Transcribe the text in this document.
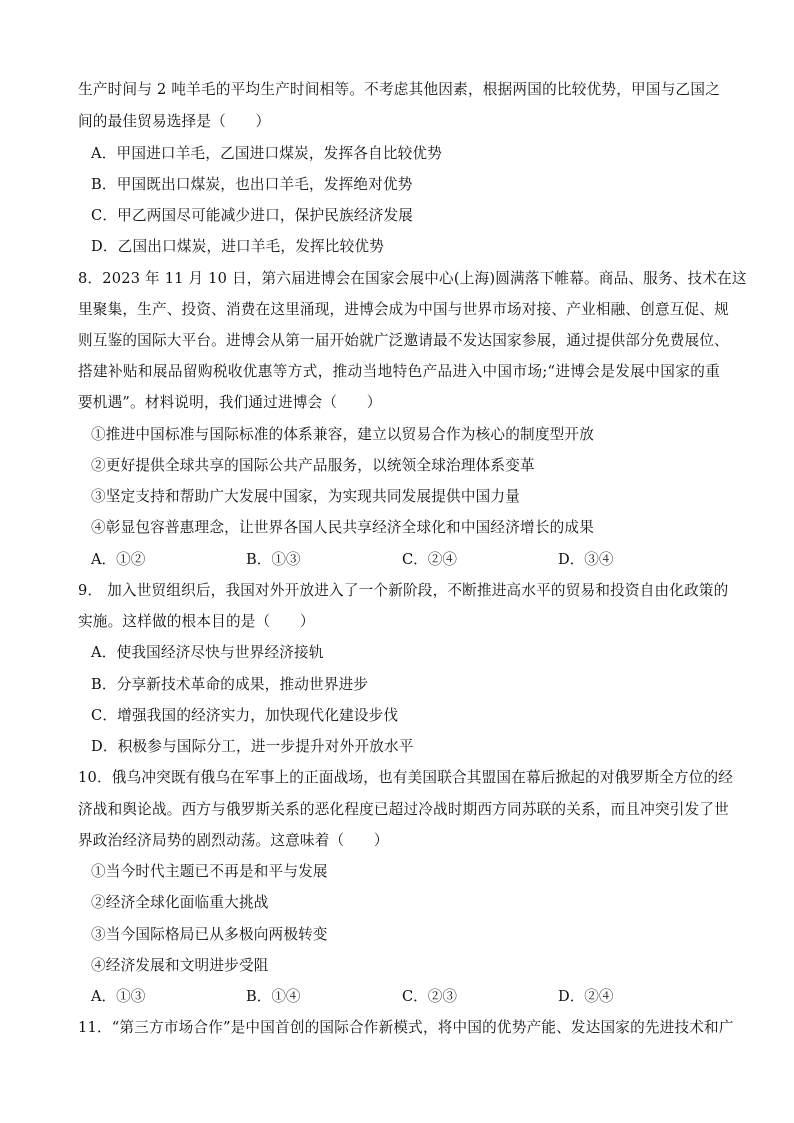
生产时间与 2 吨羊毛的平均生产时间相等。不考虑其他因素，根据两国的比较优势，甲国与乙国之
间的最佳贸易选择是（　　）
A．甲国进口羊毛，乙国进口煤炭，发挥各自比较优势
B．甲国既出口煤炭，也出口羊毛，发挥绝对优势
C．甲乙两国尽可能减少进口，保护民族经济发展
D．乙国出口煤炭，进口羊毛，发挥比较优势
8．2023 年 11 月 10 日，第六届进博会在国家会展中心(上海)圆满落下帷幕。商品、服务、技术在这
里聚集，生产、投资、消费在这里涌现，进博会成为中国与世界市场对接、产业相融、创意互促、规
则互鉴的国际大平台。进博会从第一届开始就广泛邀请最不发达国家参展，通过提供部分免费展位、
搭建补贴和展品留购税收优惠等方式，推动当地特色产品进入中国市场;“进博会是发展中国家的重
要机遇”。材料说明，我们通过进博会（　　）
①推进中国标准与国际标准的体系兼容，建立以贸易合作为核心的制度型开放
②更好提供全球共享的国际公共产品服务，以统领全球治理体系变革
③坚定支持和帮助广大发展中国家，为实现共同发展提供中国力量
④彰显包容普惠理念，让世界各国人民共享经济全球化和中国经济增长的成果
A．①②	B．①③	C．②④	D．③④
9． 加入世贸组织后，我国对外开放进入了一个新阶段，不断推进高水平的贸易和投资自由化政策的
实施。这样做的根本目的是（　　）
A．使我国经济尽快与世界经济接轨
B．分享新技术革命的成果，推动世界进步
C．增强我国的经济实力，加快现代化建设步伐
D．积极参与国际分工，进一步提升对外开放水平
10．俄乌冲突既有俄乌在军事上的正面战场，也有美国联合其盟国在幕后掀起的对俄罗斯全方位的经
济战和舆论战。西方与俄罗斯关系的恶化程度已超过冷战时期西方同苏联的关系，而且冲突引发了世
界政治经济局势的剧烈动荡。这意味着（　　）
①当今时代主题已不再是和平与发展
②经济全球化面临重大挑战
③当今国际格局已从多极向两极转变
④经济发展和文明进步受阻
A．①③	B．①④	C．②③	D．②④
11．“第三方市场合作”是中国首创的国际合作新模式，将中国的优势产能、发达国家的先进技术和广
